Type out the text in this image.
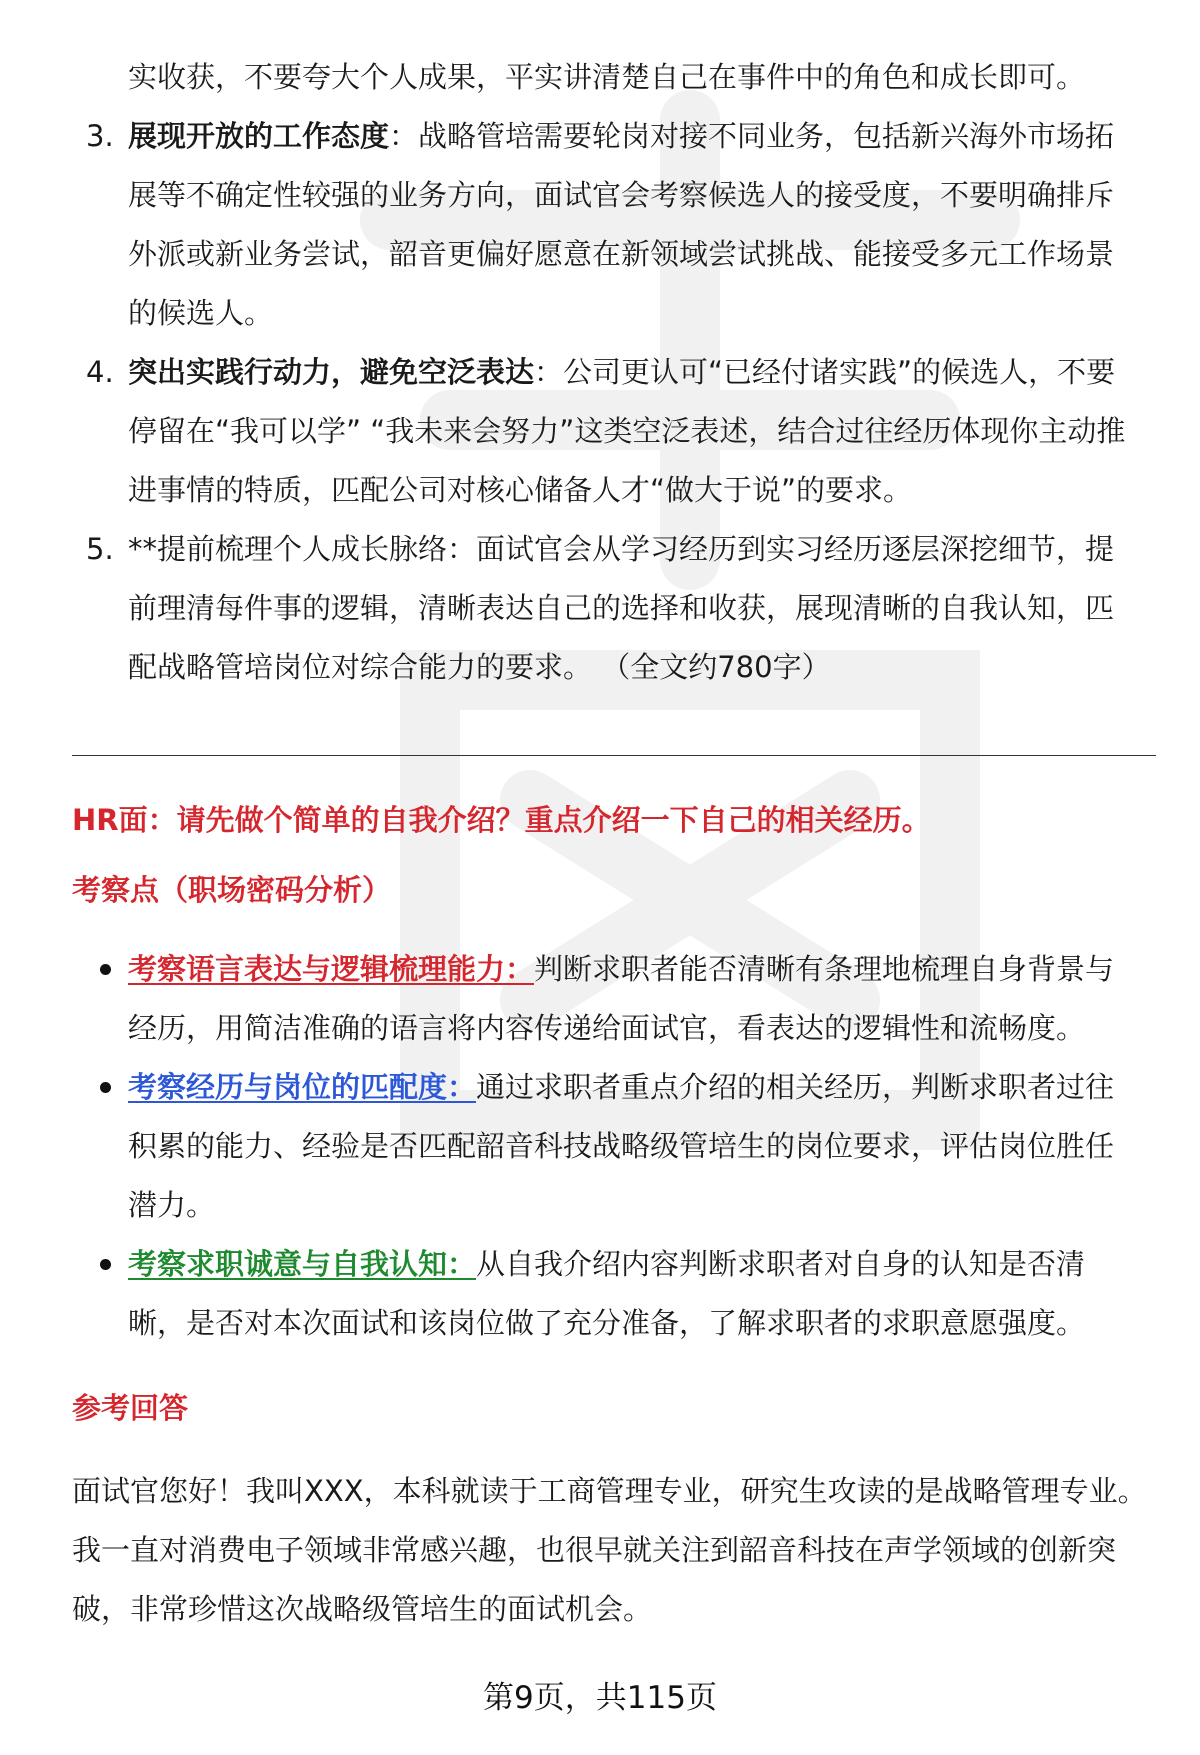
实收获，不要夸大个人成果，平实讲清楚自己在事件中的角色和成长即可。
3. 展现开放的工作态度：战略管培需要轮岗对接不同业务，包括新兴海外市场拓展等不确定性较强的业务方向，面试官会考察候选人的接受度，不要明确排斥外派或新业务尝试，韶音更偏好愿意在新领域尝试挑战、能接受多元工作场景的候选人。
4. 突出实践行动力，避免空泛表达：公司更认可“已经付诸实践”的候选人，不要停留在“我可以学” “我未来会努力”这类空泛表述，结合过往经历体现你主动推进事情的特质，匹配公司对核心储备人才“做大于说”的要求。
5. **提前梳理个人成长脉络：面试官会从学习经历到实习经历逐层深挖细节，提前理清每件事的逻辑，清晰表达自己的选择和收获，展现清晰的自我认知，匹配战略管培岗位对综合能力的要求。 （全文约780字）
HR面：请先做个简单的自我介绍？重点介绍一下自己的相关经历。
考察点（职场密码分析）
考察语言表达与逻辑梳理能力：判断求职者能否清晰有条理地梳理自身背景与经历，用简洁准确的语言将内容传递给面试官，看表达的逻辑性和流畅度。
考察经历与岗位的匹配度：通过求职者重点介绍的相关经历，判断求职者过往积累的能力、经验是否匹配韶音科技战略级管培生的岗位要求，评估岗位胜任潜力。
考察求职诚意与自我认知：从自我介绍内容判断求职者对自身的认知是否清晰，是否对本次面试和该岗位做了充分准备，了解求职者的求职意愿强度。
参考回答
面试官您好！我叫XXX，本科就读于工商管理专业，研究生攻读的是战略管理专业。我一直对消费电子领域非常感兴趣，也很早就关注到韶音科技在声学领域的创新突破，非常珍惜这次战略级管培生的面试机会。
第9页，共115页
